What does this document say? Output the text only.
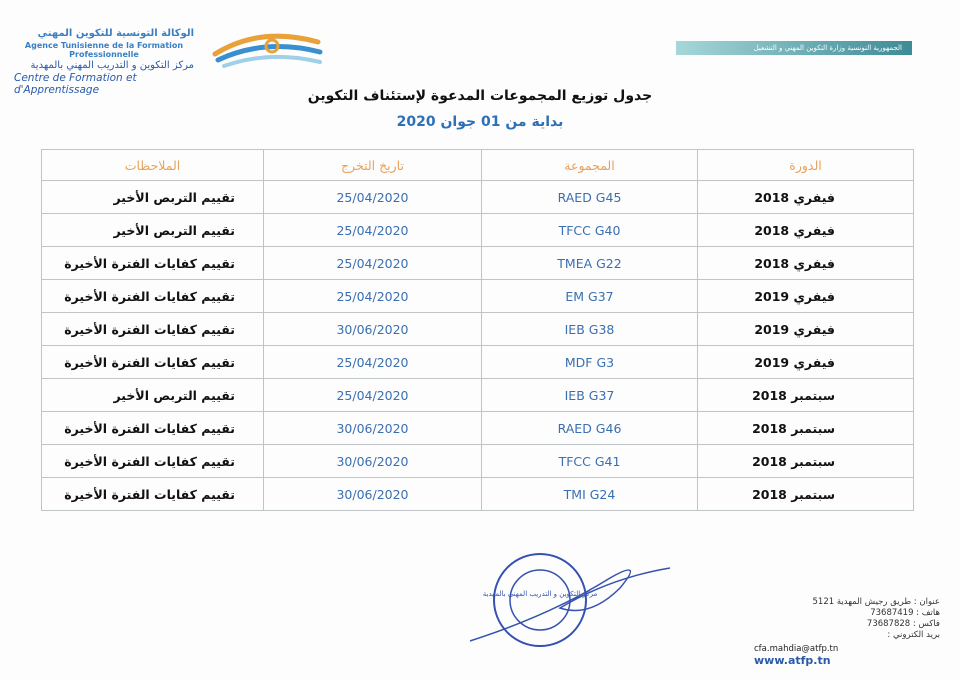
الوكالة التونسية للتكوين المهني
Agence Tunisienne de la Formation Professionnelle
مركز التكوين و التدريب المهني بالمهدية
Centre de Formation et d'Apprentissage
الجمهورية التونسية وزارة التكوين المهني و التشغيل
جدول توزيع المجموعات المدعوة لإستئناف التكوين
بداية من 01 جوان 2020
الملاحظات	تاريخ التخرج	المجموعة	الدورة
تقييم التربص الأخير	25/04/2020	RAED G45	فيفري 2018
تقييم التربص الأخير	25/04/2020	TFCC G40	فيفري 2018
تقييم كفايات الفترة الأخيرة	25/04/2020	TMEA G22	فيفري 2018
تقييم كفايات الفترة الأخيرة	25/04/2020	EM G37	فيفري 2019
تقييم كفايات الفترة الأخيرة	30/06/2020	IEB G38	فيفري 2019
تقييم كفايات الفترة الأخيرة	25/04/2020	MDF G3	فيفري 2019
تقييم التربص الأخير	25/04/2020	IEB G37	سبتمبر 2018
تقييم كفايات الفترة الأخيرة	30/06/2020	RAED G46	سبتمبر 2018
تقييم كفايات الفترة الأخيرة	30/06/2020	TFCC G41	سبتمبر 2018
تقييم كفايات الفترة الأخيرة	30/06/2020	TMI G24	سبتمبر 2018
مركز التكوين و التدريب المهني بالمهدية
عنوان : طريق رجيش المهدية 5121
هاتف : 73687419
فاكس : 73687828
بريد الكتروني :
cfa.mahdia@atfp.tn
www.atfp.tn
